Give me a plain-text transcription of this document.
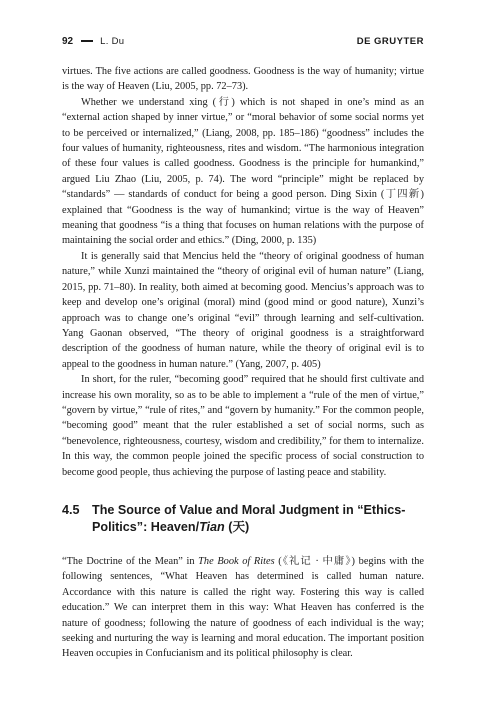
92	L. Du	DE GRUYTER

virtues. The five actions are called goodness. Goodness is the way of humanity; virtue is the way of Heaven (Liu, 2005, pp. 72–73).

Whether we understand xing (行) which is not shaped in one’s mind as an “external action shaped by inner virtue,” or “moral behavior of some social norms yet to be perceived or internalized,” (Liang, 2008, pp. 185–186) “goodness” includes the four values of humanity, righteousness, rites and wisdom. “The harmonious integration of these four values is called goodness. Goodness is the principle for humankind,” argued Liu Zhao (Liu, 2005, p. 74). The word “principle” might be replaced by “standards” — standards of conduct for being a good person. Ding Sixin (丁四新) explained that “Goodness is the way of humankind; virtue is the way of Heaven” meaning that goodness “is a thing that focuses on human relations with the purpose of maintaining the social order and ethics.” (Ding, 2000, p. 135)

It is generally said that Mencius held the “theory of original goodness of human nature,” while Xunzi maintained the “theory of original evil of human nature” (Liang, 2015, pp. 71–80). In reality, both aimed at becoming good. Mencius’s approach was to keep and develop one’s original (moral) mind (good mind or good nature), Xunzi’s approach was to change one’s original “evil” through learning and self-cultivation. Yang Gaonan observed, “The theory of original goodness is a straightforward description of the goodness of human nature, while the theory of original evil is to appeal to the goodness in human nature.” (Yang, 2007, p. 405)

In short, for the ruler, “becoming good” required that he should first cultivate and increase his own morality, so as to be able to implement a “rule of the men of virtue,” “govern by virtue,” “rule of rites,” and “govern by humanity.” For the common people, “becoming good” meant that the ruler established a set of social norms, such as “benevolence, righteousness, courtesy, wisdom and credibility,” for them to internalize. In this way, the common people joined the specific process of social construction to become good people, thus achieving the purpose of lasting peace and stability.

4.5 The Source of Value and Moral Judgment in “Ethics-Politics”: Heaven/Tian (天)

“The Doctrine of the Mean” in The Book of Rites (《礼记 · 中庸》) begins with the following sentences, “What Heaven has determined is called human nature. Accordance with this nature is called the right way. Fostering this way is called education.” We can interpret them in this way: What Heaven has conferred is the nature of goodness; following the nature of goodness of each individual is the way; seeking and nurturing the way is learning and moral education. The important position Heaven occupies in Confucianism and its political philosophy is clear.
